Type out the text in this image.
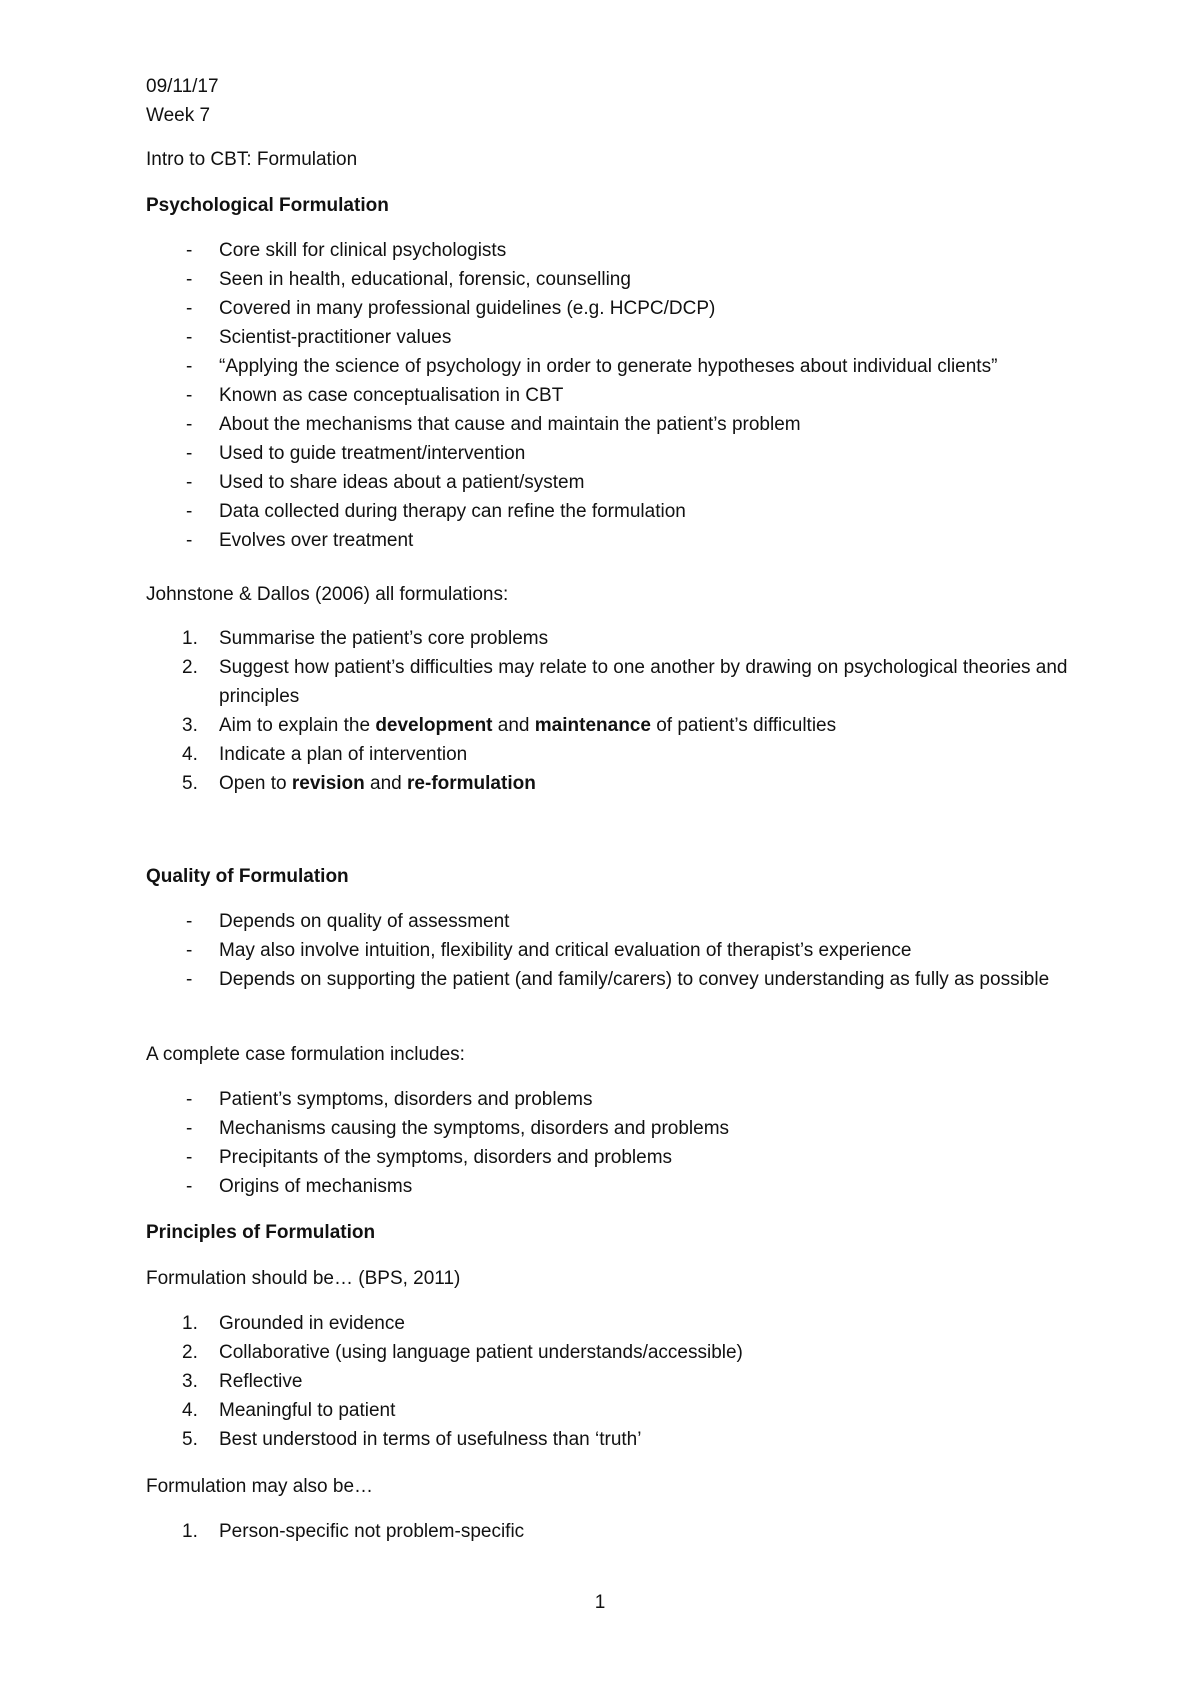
09/11/17
Week 7
Intro to CBT: Formulation
Psychological Formulation
- Core skill for clinical psychologists
- Seen in health, educational, forensic, counselling
- Covered in many professional guidelines (e.g. HCPC/DCP)
- Scientist-practitioner values
- “Applying the science of psychology in order to generate hypotheses about individual clients”
- Known as case conceptualisation in CBT
- About the mechanisms that cause and maintain the patient’s problem
- Used to guide treatment/intervention
- Used to share ideas about a patient/system
- Data collected during therapy can refine the formulation
- Evolves over treatment
Johnstone & Dallos (2006) all formulations:
1. Summarise the patient’s core problems
2. Suggest how patient’s difficulties may relate to one another by drawing on psychological theories and principles
3. Aim to explain the development and maintenance of patient’s difficulties
4. Indicate a plan of intervention
5. Open to revision and re-formulation
Quality of Formulation
- Depends on quality of assessment
- May also involve intuition, flexibility and critical evaluation of therapist’s experience
- Depends on supporting the patient (and family/carers) to convey understanding as fully as possible
A complete case formulation includes:
- Patient’s symptoms, disorders and problems
- Mechanisms causing the symptoms, disorders and problems
- Precipitants of the symptoms, disorders and problems
- Origins of mechanisms
Principles of Formulation
Formulation should be… (BPS, 2011)
1. Grounded in evidence
2. Collaborative (using language patient understands/accessible)
3. Reflective
4. Meaningful to patient
5. Best understood in terms of usefulness than ‘truth’
Formulation may also be…
1. Person-specific not problem-specific
1
